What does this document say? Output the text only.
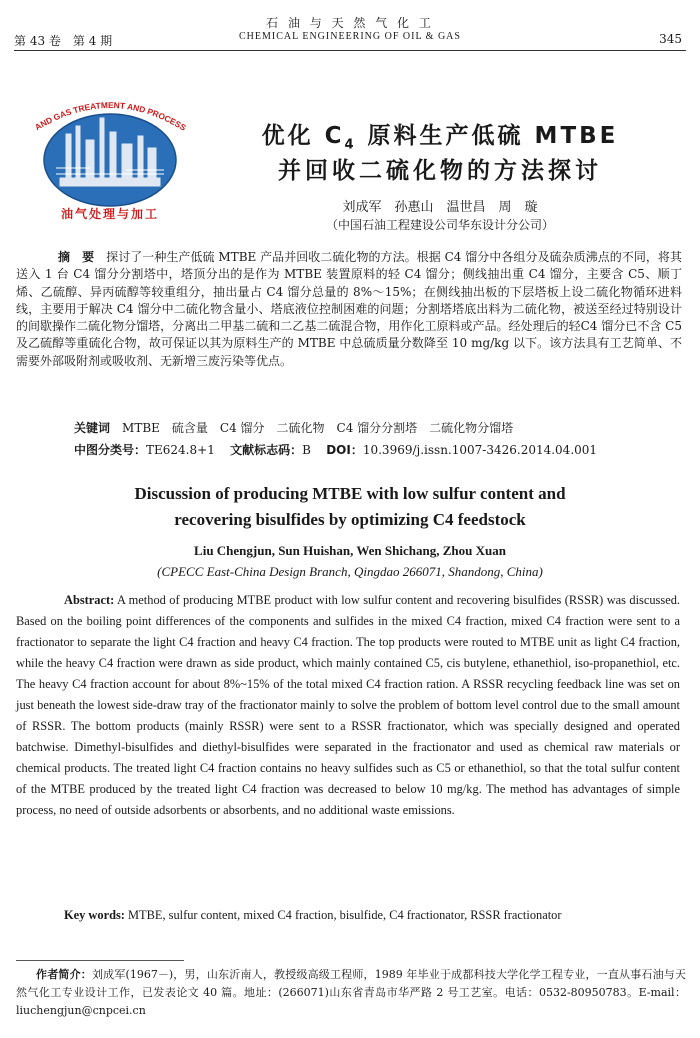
第 43 卷　第 4 期
石 油 与 天 然 气 化 工
CHEMICAL ENGINEERING OF OIL & GAS	345
AND GAS TREATMENT AND PROCESS
油气处理与加工
优化 $C_4$ 原料生产低硫 MTBE
并回收二硫化物的方法探讨
刘成军　孙惠山　温世昌　周　璇
（中国石油工程建设公司华东设计分公司）
摘　要　 探讨了一种生产低硫 MTBE 产品并回收二硫化物的方法。根据 C4 馏分中各组分及硫杂质沸点的不同，将其送入 1 台 C4 馏分分割塔中，塔顶分出的是作为 MTBE 装置原料的轻 C4 馏分；侧线抽出重 C4 馏分，主要含 C5、顺丁烯、乙硫醇、异丙硫醇等较重组分，抽出量占 C4 馏分总量的 8%～15%；在侧线抽出板的下层塔板上设二硫化物循环进料线，主要用于解决 C4 馏分中二硫化物含量小、塔底液位控制困难的问题；分割塔塔底出料为二硫化物，被送至经过特别设计的间歇操作二硫化物分馏塔，分离出二甲基二硫和二乙基二硫混合物，用作化工原料或产品。经处理后的轻C4 馏分已不含 C5 及乙硫醇等重硫化合物，故可保证以其为原料生产的 MTBE 中总硫质量分数降至 10 mg/kg 以下。该方法具有工艺简单、不需要外部吸附剂或吸收剂、无新增三废污染等优点。
关键词　 MTBE　硫含量　C4 馏分　二硫化物　C4 馏分分割塔　二硫化物分馏塔
中图分类号：TE624.8+1 文献标志码：B DOI：10.3969/j.issn.1007-3426.2014.04.001
Discussion of producing MTBE with low sulfur content and
recovering bisulfides by optimizing C4 feedstock
Liu Chengjun, Sun Huishan, Wen Shichang, Zhou Xuan
(CPECC East-China Design Branch, Qingdao 266071, Shandong, China)
Abstract: A method of producing MTBE product with low sulfur content and recovering bisulfides (RSSR) was discussed. Based on the boiling point differences of the components and sulfides in the mixed C4 fraction, mixed C4 fraction were sent to a fractionator to separate the light C4 fraction and heavy C4 fraction. The top products were routed to MTBE unit as light C4 fraction, while the heavy C4 fraction were drawn as side product, which mainly contained C5, cis butylene, ethanethiol, iso-propanethiol, etc. The heavy C4 fraction account for about 8%~15% of the total mixed C4 fraction ration. A RSSR recycling feedback line was set on just beneath the lowest side-draw tray of the fractionator mainly to solve the problem of bottom level control due to the small amount of RSSR. The bottom products (mainly RSSR) were sent to a RSSR fractionator, which was specially designed and operated batchwise. Dimethyl-bisulfides and diethyl-bisulfides were separated in the fractionator and used as chemical raw materials or chemical products. The treated light C4 fraction contains no heavy sulfides such as C5 or ethanethiol, so that the total sulfur content of the MTBE produced by the treated light C4 fraction was decreased to below 10 mg/kg. The method has advantages of simple process, no need of outside adsorbents or absorbents, and no additional waste emissions.
Key words: MTBE, sulfur content, mixed C4 fraction, bisulfide, C4 fractionator, RSSR fractionator
作者简介：刘成军(1967－)，男，山东沂南人，教授级高级工程师，1989 年毕业于成都科技大学化学工程专业，一直从事石油与天然气化工专业设计工作，已发表论文 40 篇。地址：(266071)山东省青岛市华严路 2 号工艺室。电话：0532-80950783。E-mail：liuchengjun@cnpcei.cn
